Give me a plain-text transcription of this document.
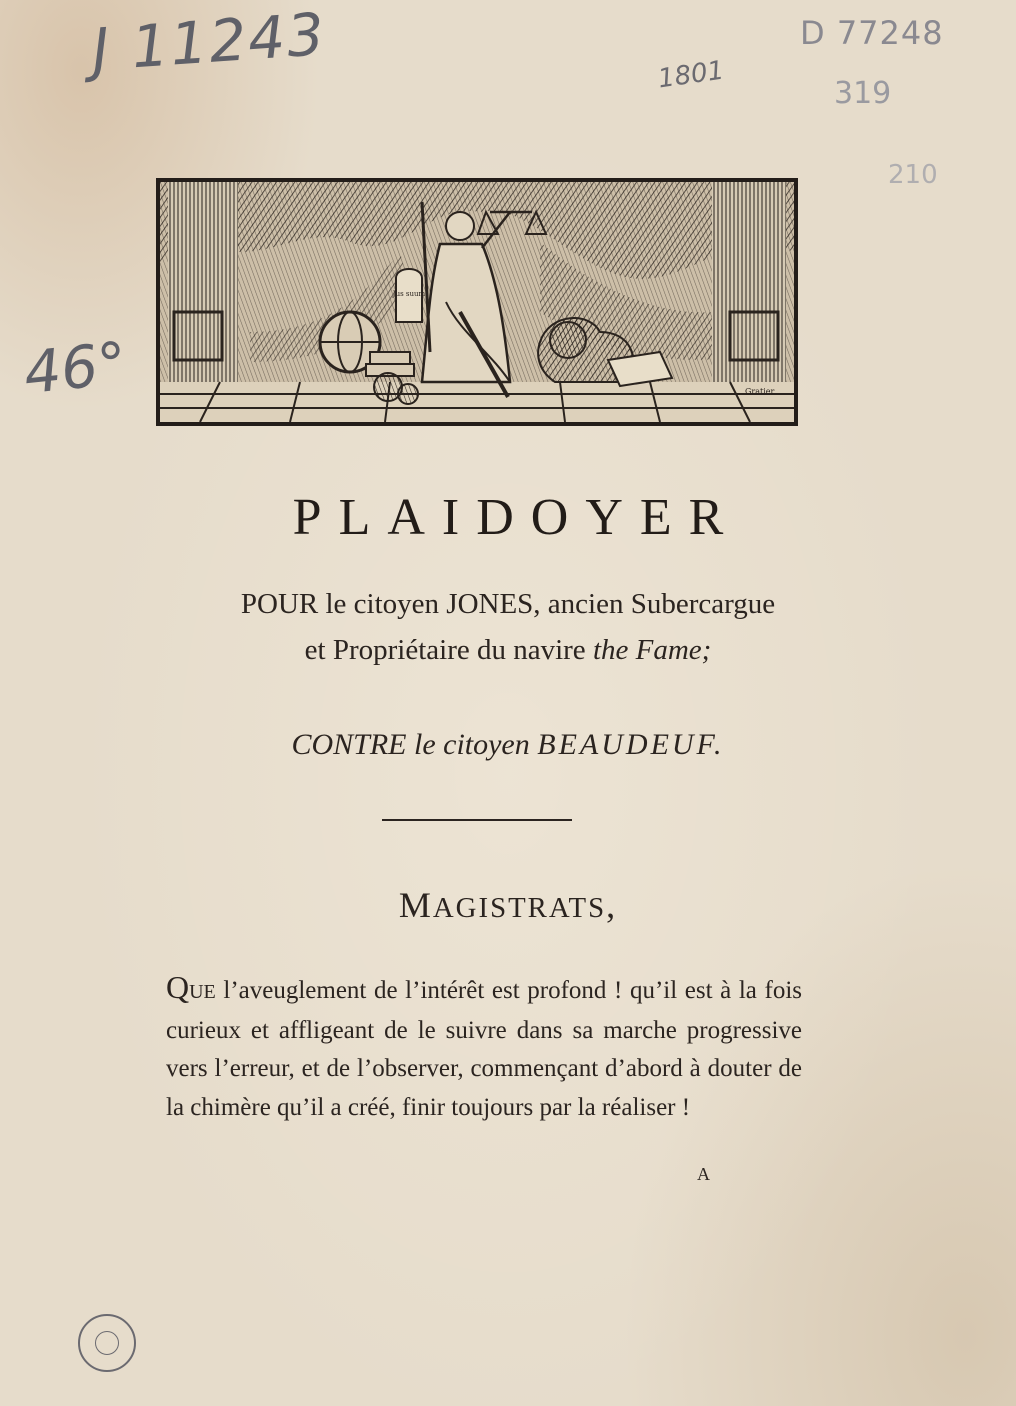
J 11243	1801
D 77248
319
210
46°
Jus suum
Gratier
PLAIDOYER
POUR le citoyen JONES, ancien Subercargue
et Propriétaire du navire the Fame;
CONTRE le citoyen BEAUDEUF.
MAGISTRATS,
QUE l’aveuglement de l’intérêt est profond ! qu’il est à la fois curieux et affligeant de le suivre dans sa marche progressive vers l’erreur, et de l’observer, commençant d’abord à douter de la chimère qu’il a créé, finir toujours par la réaliser !
A
